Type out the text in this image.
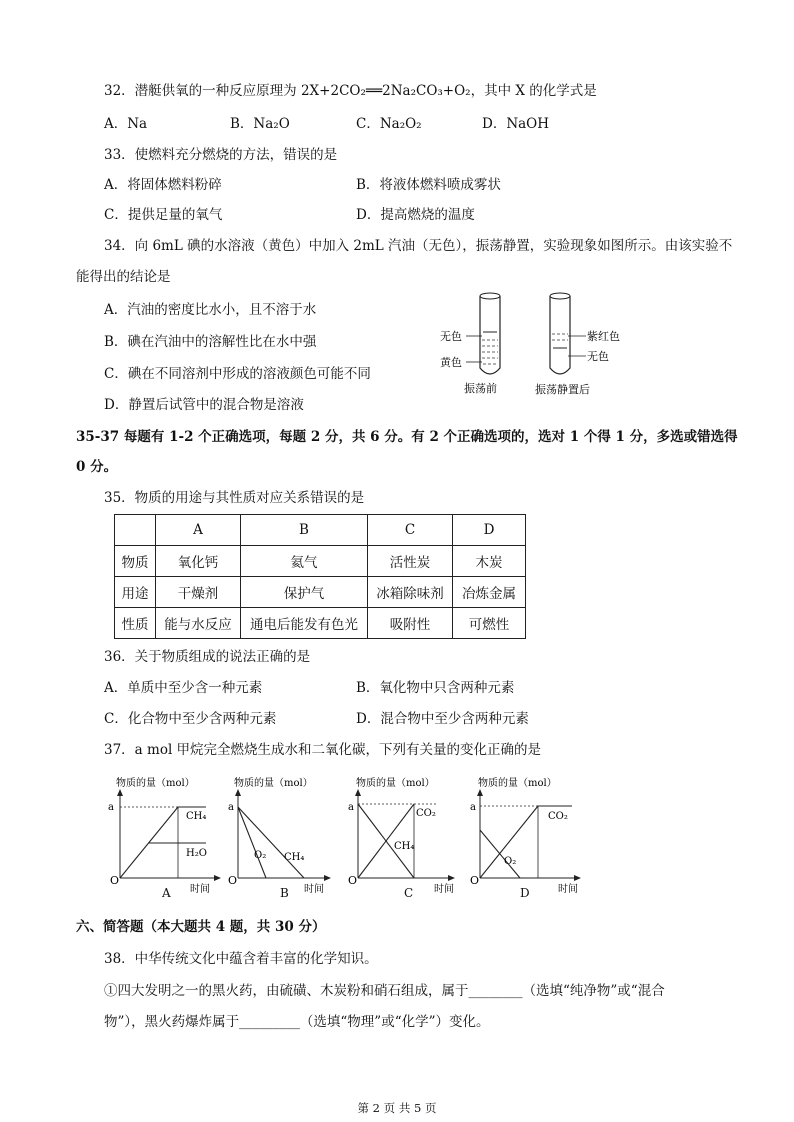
32．潜艇供氧的一种反应原理为 2X+2CO₂══2Na₂CO₃+O₂，其中 X 的化学式是
A．Na	B．Na₂O	C．Na₂O₂	D．NaOH
33．使燃料充分燃烧的方法，错误的是
A．将固体燃料粉碎	B．将液体燃料喷成雾状
C．提供足量的氧气	D．提高燃烧的温度
34．向 6mL 碘的水溶液（黄色）中加入 2mL 汽油（无色），振荡静置，实验现象如图所示。由该实验不
能得出的结论是
A．汽油的密度比水小，且不溶于水
B．碘在汽油中的溶解性比在水中强
C．碘在不同溶剂中形成的溶液颜色可能不同
D．静置后试管中的混合物是溶液
无色
黄色
振荡前
紫红色
无色
振荡静置后
35-37 每题有 1-2 个正确选项，每题 2 分，共 6 分。有 2 个正确选项的，选对 1 个得 1 分，多选或错选得
0 分。
35．物质的用途与其性质对应关系错误的是
	A	B	C	D
物质	氧化钙	氦气	活性炭	木炭
用途	干燥剂	保护气	冰箱除味剂	冶炼金属
性质	能与水反应	通电后能发有色光	吸附性	可燃性
36．关于物质组成的说法正确的是
A．单质中至少含一种元素	B．氧化物中只含两种元素
C．化合物中至少含两种元素	D．混合物中至少含两种元素
37．a mol 甲烷完全燃烧生成水和二氧化碳，下列有关量的变化正确的是
物质的量（mol）
a
O
时间
CH₄
H₂O
A
物质的量（mol）
a
O
时间
O₂ CH₄
B
物质的量（mol）
a
O
时间
CO₂
CH₄
C
物质的量（mol）
a
O
时间
CO₂
O₂
D
六、简答题（本大题共 4 题，共 30 分）
38．中华传统文化中蕴含着丰富的化学知识。
①四大发明之一的黑火药，由硫磺、木炭粉和硝石组成，属于________（选填“纯净物”或“混合
物”），黑火药爆炸属于_________（选填“物理”或“化学”）变化。
第 2 页 共 5 页
